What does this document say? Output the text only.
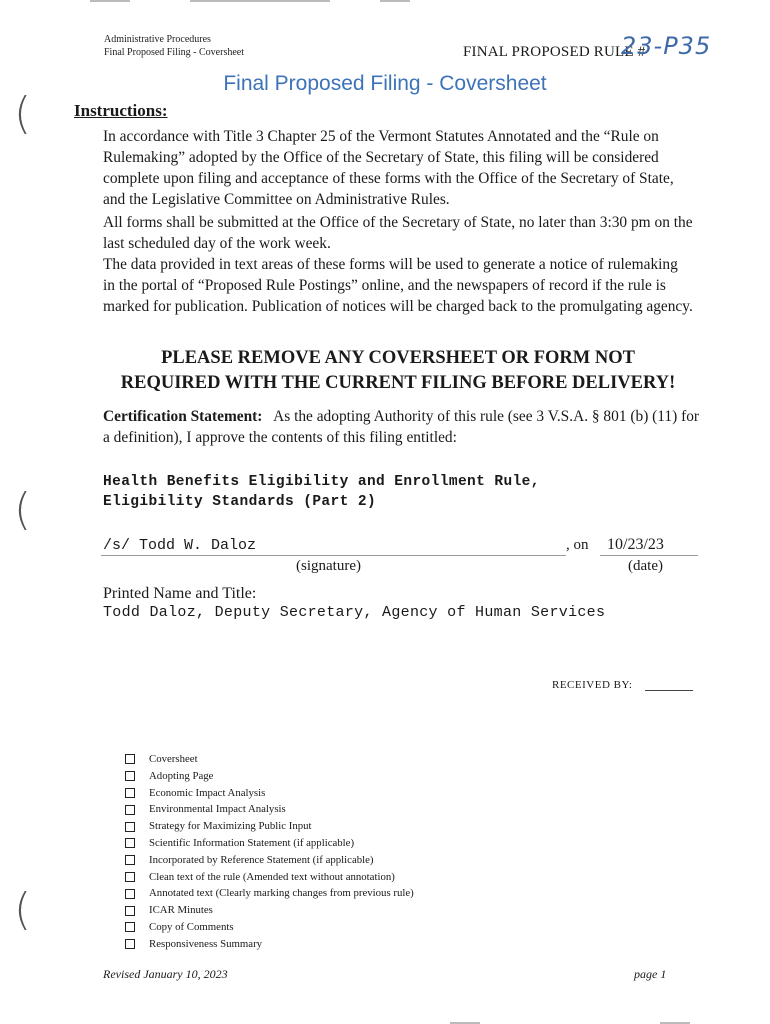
Administrative Procedures
Final Proposed Filing - Coversheet	FINAL PROPOSED RULE #
23-P35
Final Proposed Filing - Coversheet
(
(
(
Instructions:
In accordance with Title 3 Chapter 25 of the Vermont Statutes Annotated and the “Rule on Rulemaking” adopted by the Office of the Secretary of State, this filing will be considered complete upon filing and acceptance of these forms with the Office of the Secretary of State, and the Legislative Committee on Administrative Rules.
All forms shall be submitted at the Office of the Secretary of State, no later than 3:30 pm on the last scheduled day of the work week.
The data provided in text areas of these forms will be used to generate a notice of rulemaking in the portal of “Proposed Rule Postings” online, and the newspapers of record if the rule is marked for publication. Publication of notices will be charged back to the promulgating agency.
PLEASE REMOVE ANY COVERSHEET OR FORM NOT
REQUIRED WITH THE CURRENT FILING BEFORE DELIVERY!
Certification Statement: As the adopting Authority of this rule (see 3 V.S.A. § 801 (b) (11) for a definition), I approve the contents of this filing entitled:
Health Benefits Eligibility and Enrollment Rule,
Eligibility Standards (Part 2)
/s/ Todd W. Daloz	, on 10/23/23
(signature)	(date)
Printed Name and Title:
Todd Daloz, Deputy Secretary, Agency of Human Services
RECEIVED BY:
Coversheet
Adopting Page
Economic Impact Analysis
Environmental Impact Analysis
Strategy for Maximizing Public Input
Scientific Information Statement (if applicable)
Incorporated by Reference Statement (if applicable)
Clean text of the rule (Amended text without annotation)
Annotated text (Clearly marking changes from previous rule)
ICAR Minutes
Copy of Comments
Responsiveness Summary
Revised January 10, 2023	page 1
